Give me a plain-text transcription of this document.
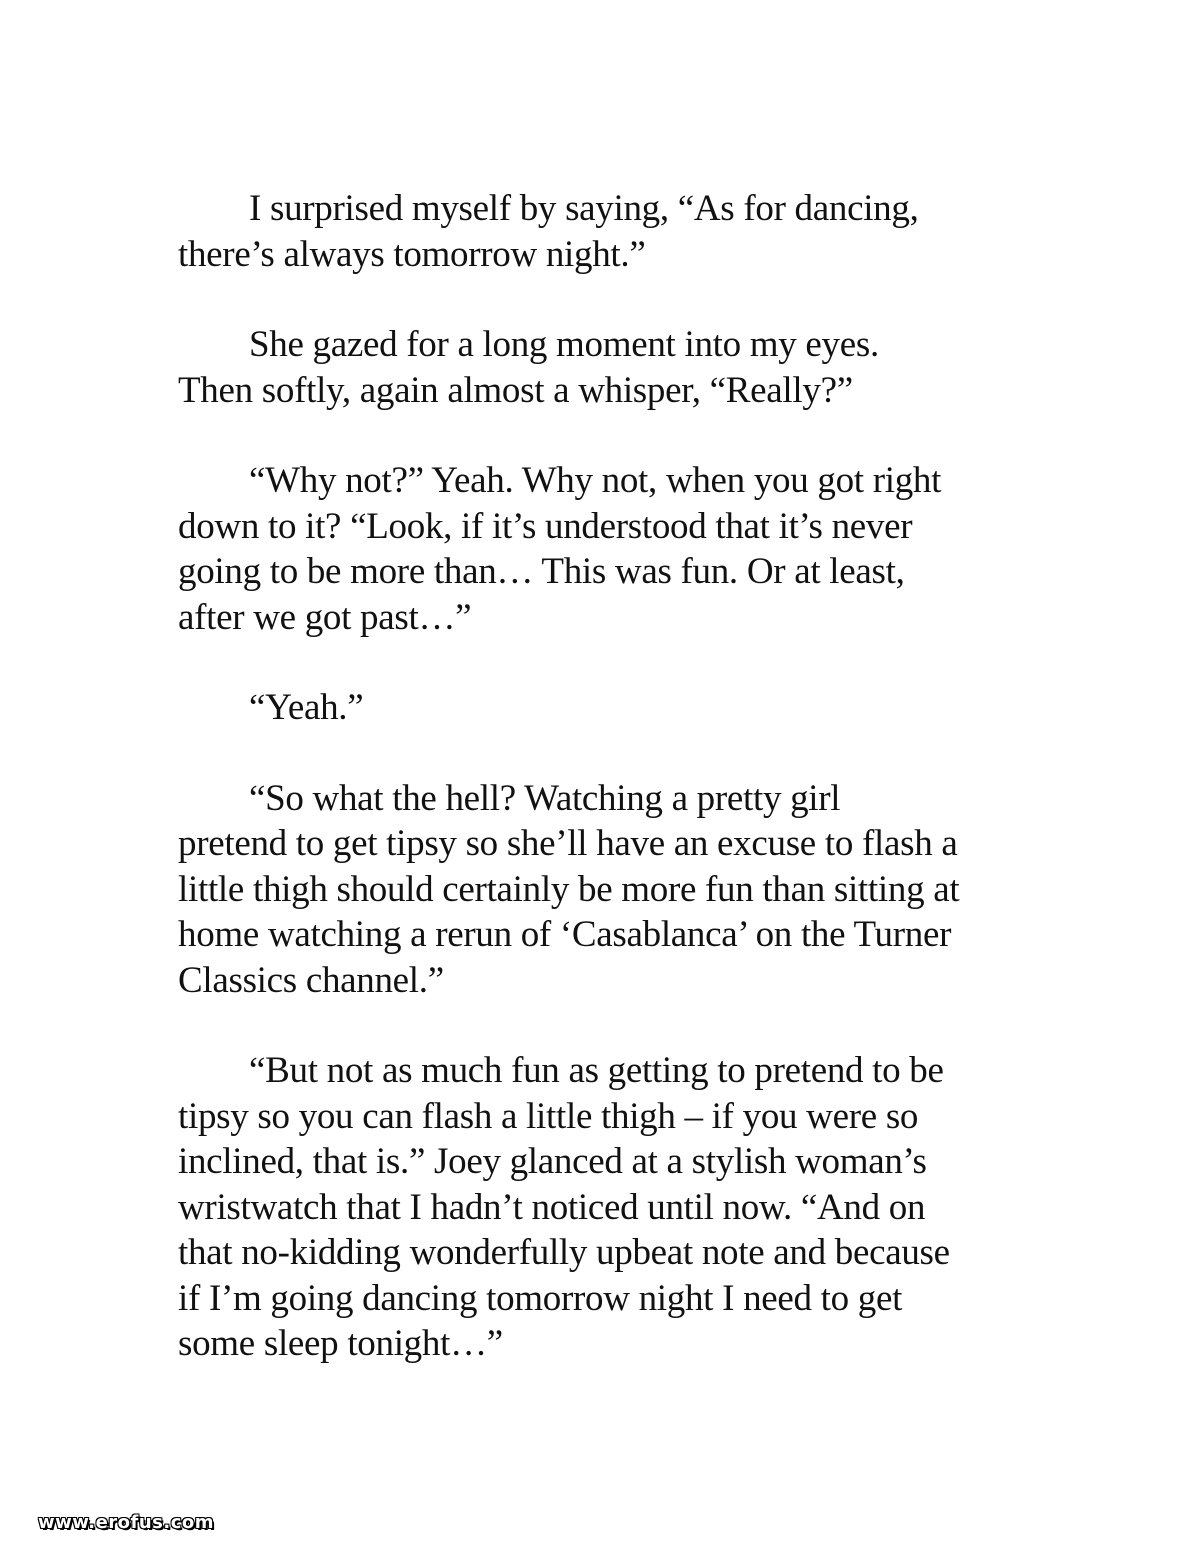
I surprised myself by saying, “As for dancing,
there’s always tomorrow night.”

She gazed for a long moment into my eyes.
Then softly, again almost a whisper, “Really?”

“Why not?” Yeah. Why not, when you got right
down to it? “Look, if it’s understood that it’s never
going to be more than… This was fun. Or at least,
after we got past…”

“Yeah.”

“So what the hell? Watching a pretty girl
pretend to get tipsy so she’ll have an excuse to flash a
little thigh should certainly be more fun than sitting at
home watching a rerun of ‘Casablanca’ on the Turner
Classics channel.”

“But not as much fun as getting to pretend to be
tipsy so you can flash a little thigh – if you were so
inclined, that is.” Joey glanced at a stylish woman’s
wristwatch that I hadn’t noticed until now. “And on
that no-kidding wonderfully upbeat note and because
if I’m going dancing tomorrow night I need to get
some sleep tonight…”

www.erofus.com
